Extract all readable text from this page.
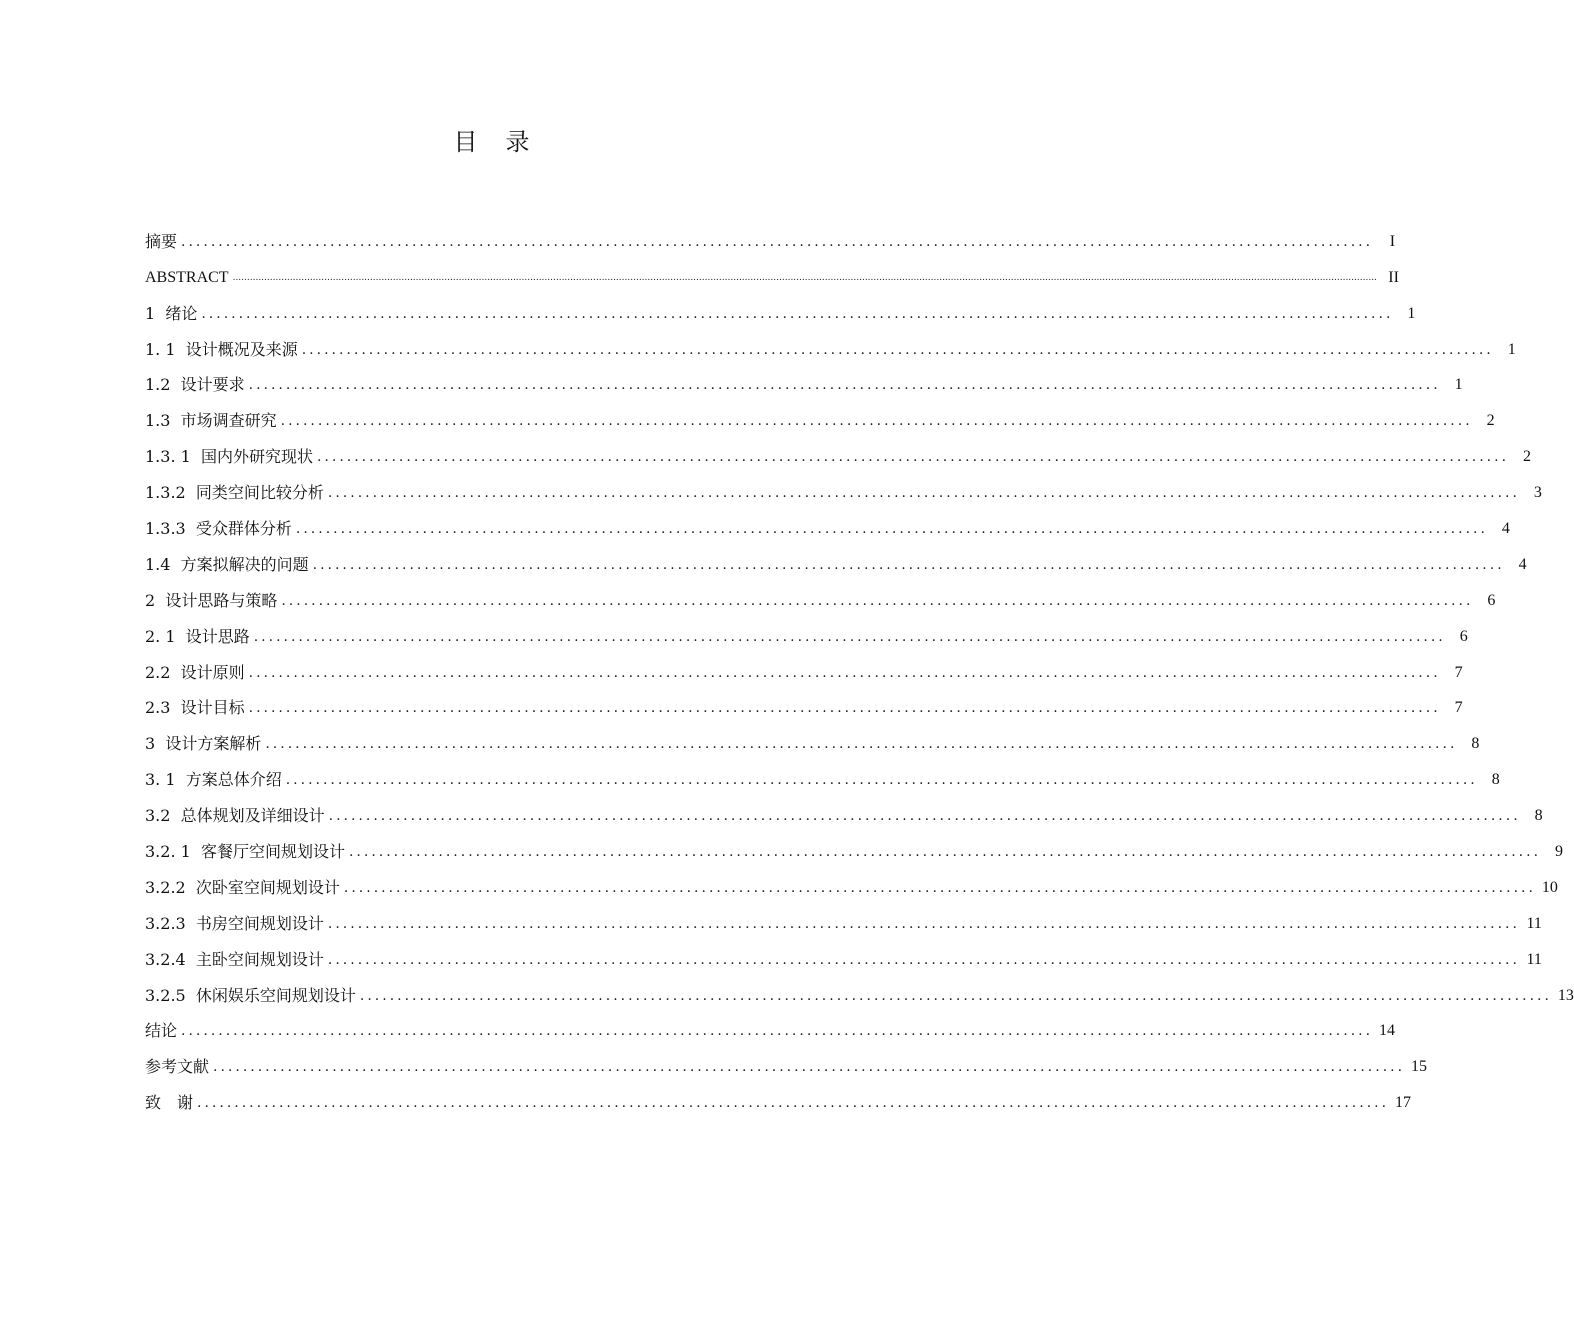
目　录
摘要 ................................................................................................................................................................	I
ABSTRACT ................................................................................................................................................................................................................................................................................................................................................................................................................ II
1  绪论 ................................................................................................................................................................ 1
1. 1  设计概况及来源 ................................................................................................................................................................ 1
1.2  设计要求 ................................................................................................................................................................ 1
1.3  市场调查研究 ................................................................................................................................................................ 2
1.3. 1  国内外研究现状 ................................................................................................................................................................ 2
1.3.2  同类空间比较分析 ................................................................................................................................................................ 3
1.3.3  受众群体分析 ................................................................................................................................................................ 4
1.4  方案拟解决的问题 ................................................................................................................................................................ 4
2  设计思路与策略 ................................................................................................................................................................ 6
2. 1  设计思路 ................................................................................................................................................................ 6
2.2  设计原则 ................................................................................................................................................................ 7
2.3  设计目标 ................................................................................................................................................................ 7
3  设计方案解析 ................................................................................................................................................................ 8
3. 1  方案总体介绍 ................................................................................................................................................................ 8
3.2  总体规划及详细设计 ................................................................................................................................................................ 8
3.2. 1  客餐厅空间规划设计 ................................................................................................................................................................ 9
3.2.2  次卧室空间规划设计 ................................................................................................................................................................ 10
3.2.3  书房空间规划设计 ................................................................................................................................................................ 11
3.2.4  主卧空间规划设计 ................................................................................................................................................................ 11
3.2.5  休闲娱乐空间规划设计 ................................................................................................................................................................ 13
结论 ................................................................................................................................................................ 14
参考文献 ................................................................................................................................................................ 15
致　谢 ................................................................................................................................................................ 17
